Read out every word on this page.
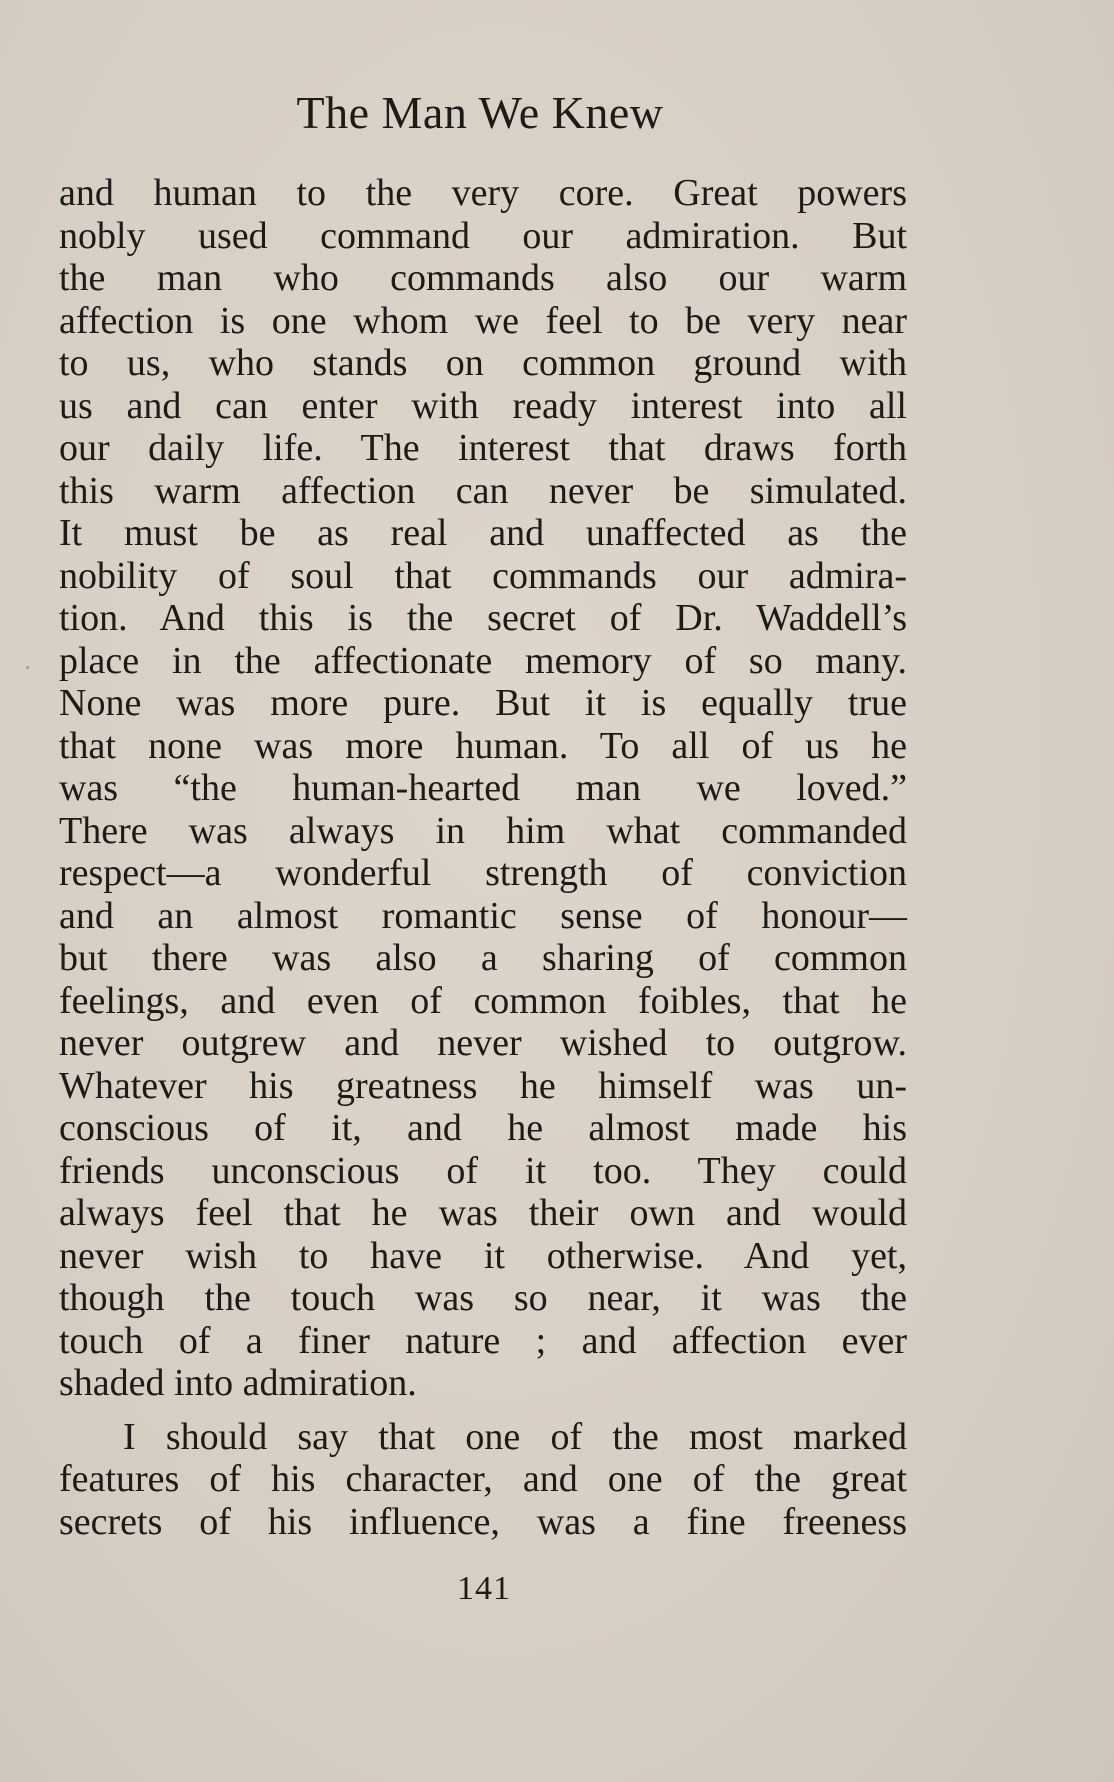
The Man We Knew
and human to the very core. Great powers
nobly used command our admiration. But
the man who commands also our warm
affection is one whom we feel to be very near
to us, who stands on common ground with
us and can enter with ready interest into all
our daily life. The interest that draws forth
this warm affection can never be simulated.
It must be as real and unaffected as the
nobility of soul that commands our admira-
tion. And this is the secret of Dr. Waddell’s
place in the affectionate memory of so many.
None was more pure. But it is equally true
that none was more human. To all of us he
was “the human-hearted man we loved.”
There was always in him what commanded
respect—a wonderful strength of conviction
and an almost romantic sense of honour—
but there was also a sharing of common
feelings, and even of common foibles, that he
never outgrew and never wished to outgrow.
Whatever his greatness he himself was un-
conscious of it, and he almost made his
friends unconscious of it too. They could
always feel that he was their own and would
never wish to have it otherwise. And yet,
though the touch was so near, it was the
touch of a finer nature ; and affection ever
shaded into admiration.
I should say that one of the most marked
features of his character, and one of the great
secrets of his influence, was a fine freeness
141
